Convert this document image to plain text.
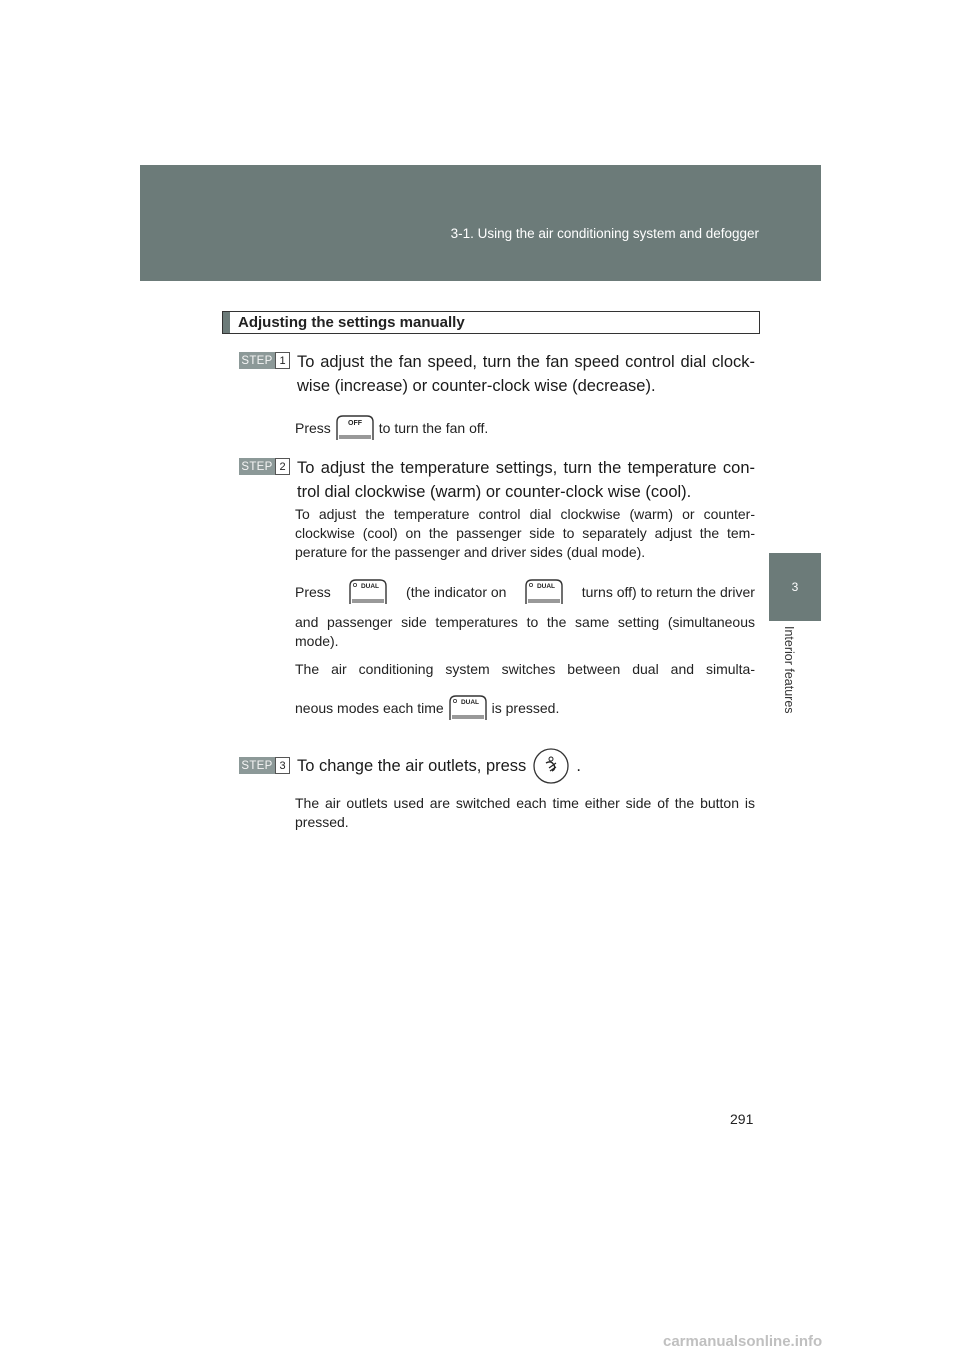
3-1. Using the air conditioning system and defogger
3
Interior features
Adjusting the settings manually
STEP 1 To adjust the fan speed, turn the fan speed control dial clock-wise (increase) or counter-clock wise (decrease).
Press OFF to turn the fan off.
STEP 2 To adjust the temperature settings, turn the temperature con-trol dial clockwise (warm) or counter-clock wise (cool).
To adjust the temperature control dial clockwise (warm) or counter-clockwise (cool) on the passenger side to separately adjust the tem-perature for the passenger and driver sides (dual mode).
Press	DUAL (the indicator on	DUAL turns off) to return the driver
and passenger side temperatures to the same setting (simultaneous mode).
The air conditioning system switches between dual and simulta-
neous modes each time	DUAL is pressed.
STEP 3 To change the air outlets, press	.
The air outlets used are switched each time either side of the button is pressed.
291
carmanualsonline.info
